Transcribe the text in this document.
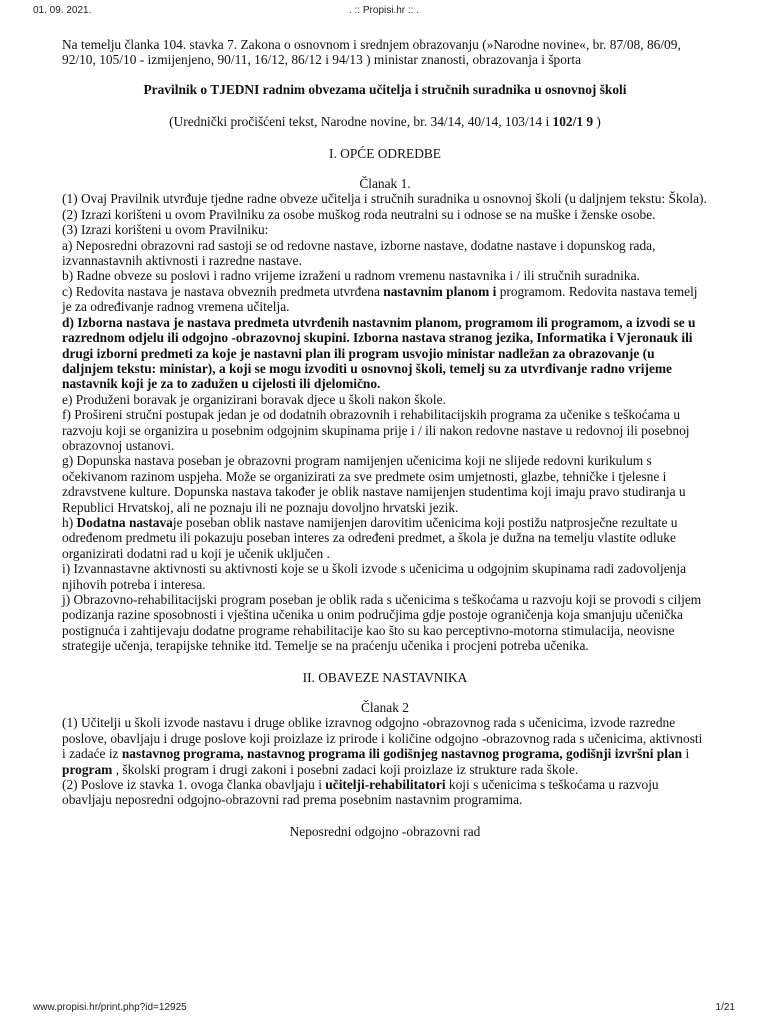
01. 09. 2021.	. :: Propisi.hr :: .

Na temelju članka 104. stavka 7. Zakona o osnovnom i srednjem obrazovanju (»Narodne novine«, br. 87/08, 86/09, 92/10, 105/10 - izmijenjeno, 90/11, 16/12, 86/12 i 94/13 ) ministar znanosti, obrazovanja i športa

Pravilnik o TJEDNI radnim obvezama učitelja i stručnih suradnika u osnovnoj školi

(Urednički pročišćeni tekst, Narodne novine, br. 34/14, 40/14, 103/14 i 102/1 9 )

I. OPĆE ODREDBE

Članak 1.

(1) Ovaj Pravilnik utvrđuje tjedne radne obveze učitelja i stručnih suradnika u osnovnoj školi (u daljnjem tekstu: Škola).

(2) Izrazi korišteni u ovom Pravilniku za osobe muškog roda neutralni su i odnose se na muške i ženske osobe.

(3) Izrazi korišteni u ovom Pravilniku:

a) Neposredni obrazovni rad sastoji se od redovne nastave, izborne nastave, dodatne nastave i dopunskog rada, izvannastavnih aktivnosti i razredne nastave.

b) Radne obveze su poslovi i radno vrijeme izraženi u radnom vremenu nastavnika i / ili stručnih suradnika.

c) Redovita nastava je nastava obveznih predmeta utvrđena nastavnim planom i programom. Redovita nastava temelj je za određivanje radnog vremena učitelja.

d) Izborna nastava je nastava predmeta utvrđenih nastavnim planom, programom ili programom, a izvodi se u razrednom odjelu ili odgojno -obrazovnoj skupini. Izborna nastava stranog jezika, Informatika i Vjeronauk ili drugi izborni predmeti za koje je nastavni plan ili program usvojio ministar nadležan za obrazovanje (u daljnjem tekstu: ministar), a koji se mogu izvoditi u osnovnoj školi, temelj su za utvrđivanje radno vrijeme nastavnik koji je za to zadužen u cijelosti ili djelomično.

e) Produženi boravak je organizirani boravak djece u školi nakon škole.

f) Prošireni stručni postupak jedan je od dodatnih obrazovnih i rehabilitacijskih programa za učenike s teškoćama u razvoju koji se organizira u posebnim odgojnim skupinama prije i / ili nakon redovne nastave u redovnoj ili posebnoj obrazovnoj ustanovi.

g) Dopunska nastava poseban je obrazovni program namijenjen učenicima koji ne slijede redovni kurikulum s očekivanom razinom uspjeha. Može se organizirati za sve predmete osim umjetnosti, glazbe, tehničke i tjelesne i zdravstvene kulture. Dopunska nastava također je oblik nastave namijenjen studentima koji imaju pravo studiranja u Republici Hrvatskoj, ali ne poznaju ili ne poznaju dovoljno hrvatski jezik.

h) Dodatna nastavaje poseban oblik nastave namijenjen darovitim učenicima koji postižu natprosječne rezultate u određenom predmetu ili pokazuju poseban interes za određeni predmet, a škola je dužna na temelju vlastite odluke organizirati dodatni rad u koji je učenik uključen .

i) Izvannastavne aktivnosti su aktivnosti koje se u školi izvode s učenicima u odgojnim skupinama radi zadovoljenja njihovih potreba i interesa.

j) Obrazovno-rehabilitacijski program poseban je oblik rada s učenicima s teškoćama u razvoju koji se provodi s ciljem podizanja razine sposobnosti i vještina učenika u onim područjima gdje postoje ograničenja koja smanjuju učenička postignuća i zahtijevaju dodatne programe rehabilitacije kao što su kao perceptivno-motorna stimulacija, neovisne strategije učenja, terapijske tehnike itd. Temelje se na praćenju učenika i procjeni potreba učenika.

II. OBAVEZE NASTAVNIKA

Članak 2

(1) Učitelji u školi izvode nastavu i druge oblike izravnog odgojno -obrazovnog rada s učenicima, izvode razredne poslove, obavljaju i druge poslove koji proizlaze iz prirode i količine odgojno -obrazovnog rada s učenicima, aktivnosti i zadaće iz nastavnog programa, nastavnog programa ili godišnjeg nastavnog programa, godišnji izvršni plan i program , školski program i drugi zakoni i posebni zadaci koji proizlaze iz strukture rada škole.

(2) Poslove iz stavka 1. ovoga članka obavljaju i učitelji-rehabilitatori koji s učenicima s teškoćama u razvoju obavljaju neposredni odgojno-obrazovni rad prema posebnim nastavnim programima.

Neposredni odgojno -obrazovni rad

www.propisi.hr/print.php?id=12925	1/21
